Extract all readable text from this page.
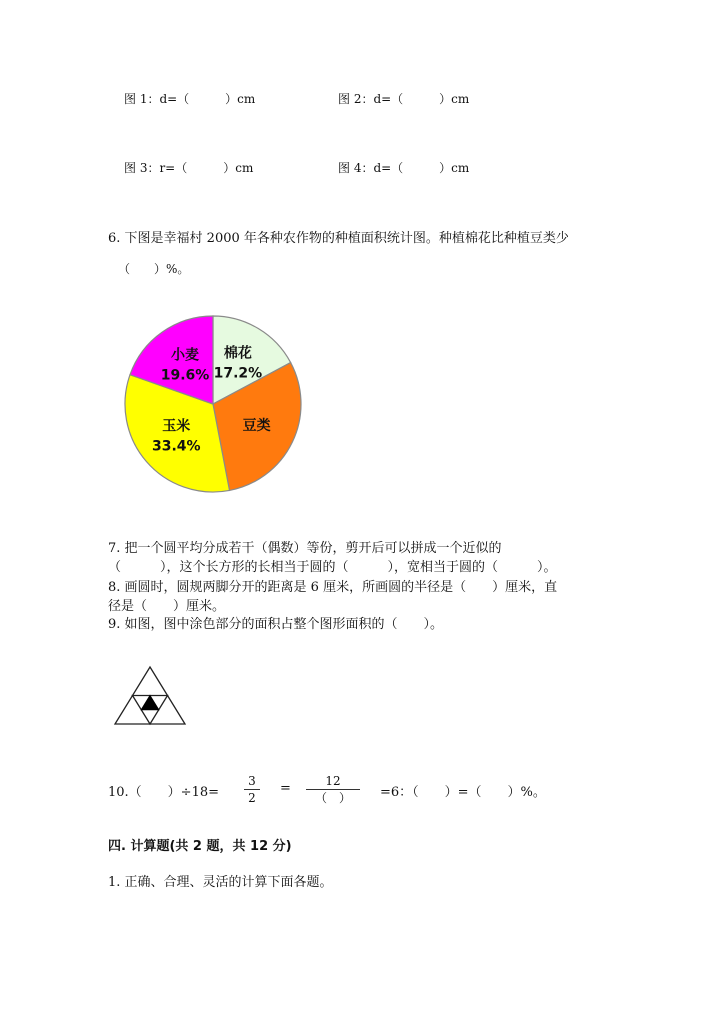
图 1：d=（　　　）cm	图 2：d=（　　　）cm
图 3：r=（　　　）cm	图 4：d=（　　　）cm
6. 下图是幸福村 2000 年各种农作物的种植面积统计图。种植棉花比种植豆类少
（　　）%。
棉花
17.2%
豆类
玉米
33.4%
小麦
19.6%
7. 把一个圆平均分成若干（偶数）等份，剪开后可以拼成一个近似的
（　　　），这个长方形的长相当于圆的（　　　），宽相当于圆的（　　　）。
8. 画圆时，圆规两脚分开的距离是 6 厘米，所画圆的半径是（　　）厘米，直
径是（　　）厘米。
9. 如图，图中涂色部分的面积占整个图形面积的（　　）。
10.（　　）÷18=
3
2
=	12
（　）	=6：（　　）=（　　）%。
四. 计算题(共 2 题，共 12 分)
1. 正确、合理、灵活的计算下面各题。
